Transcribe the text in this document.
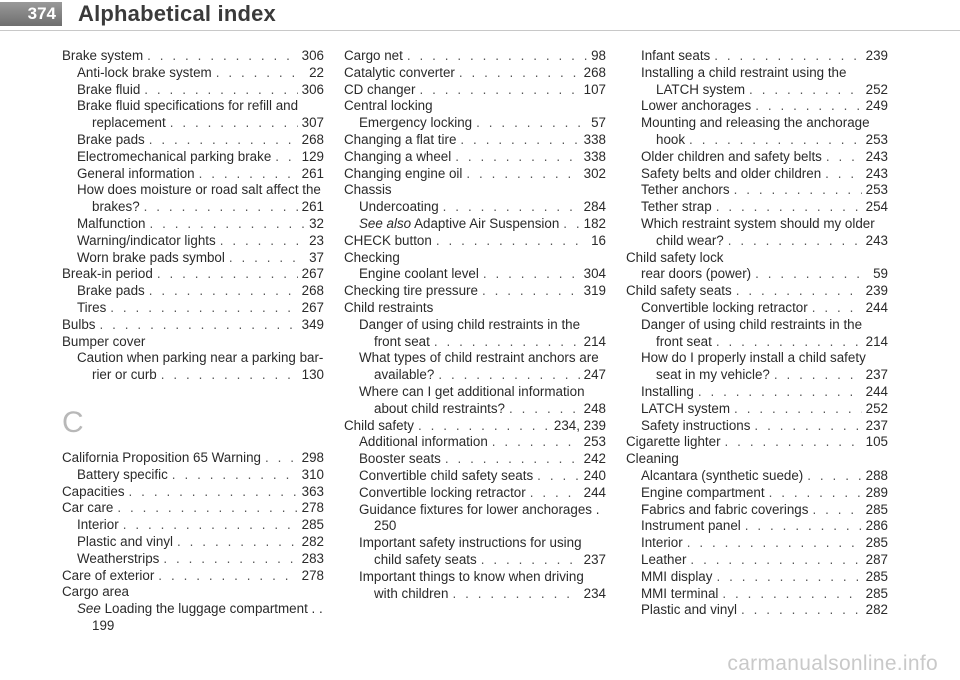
374 Alphabetical index
Brake system . . .	306
Anti-lock brake system . . .	22
Brake fluid . . .	306
Brake fluid specifications for refill and
replacement . . .	307
Brake pads . . .	268
Electromechanical parking brake . . . 129
General information . . .	261
How does moisture or road salt affect the
brakes? . . .	261
Malfunction . . .	32
Warning/indicator lights . . .	23
Worn brake pads symbol . . .	37
Break-in period . . .	267
Brake pads . . .	268
Tires . . .	267
Bulbs . . .	349
Bumper cover
Caution when parking near a parking bar-
rier or curb . . .	130
C
California Proposition 65 Warning . . .	298
Battery specific . . .	310
Capacities . . .	363
Car care . . .	278
Interior . . .	285
Plastic and vinyl . . .	282
Weatherstrips . . .	283
Care of exterior . . .	278
Cargo area
See Loading the luggage compartment . .
199
Cargo net . . .	98
Catalytic converter . . .	268
CD changer . . .	107
Central locking
Emergency locking . . .	57
Changing a flat tire . . .	338
Changing a wheel . . .	338
Changing engine oil . . .	302
Chassis
Undercoating . . .	284
See also Adaptive Air Suspension . . . 182
CHECK button . . .	16
Checking
Engine coolant level . . .	304
Checking tire pressure . . .	319
Child restraints
Danger of using child restraints in the
front seat . . .	214
What types of child restraint anchors are
available? . . .	247
Where can I get additional information
about child restraints? . . .	248
Child safety . . .	234, 239
Additional information . . .	253
Booster seats . . .	242
Convertible child safety seats . . .	240
Convertible locking retractor . . .	244
Guidance fixtures for lower anchorages .
250
Important safety instructions for using
child safety seats . . .	237
Important things to know when driving
with children . . .	234
Infant seats . . .	239
Installing a child restraint using the
LATCH system . . .	252
Lower anchorages . . .	249
Mounting and releasing the anchorage
hook . . .	253
Older children and safety belts . . .	243
Safety belts and older children . . .	243
Tether anchors . . .	253
Tether strap . . .	254
Which restraint system should my older
child wear? . . .	243
Child safety lock
rear doors (power) . . .	59
Child safety seats . . .	239
Convertible locking retractor . . .	244
Danger of using child restraints in the
front seat . . .	214
How do I properly install a child safety
seat in my vehicle? . . .	237
Installing . . .	244
LATCH system . . .	252
Safety instructions . . .	237
Cigarette lighter . . .	105
Cleaning
Alcantara (synthetic suede) . . .	288
Engine compartment . . .	289
Fabrics and fabric coverings . . .	285
Instrument panel . . .	286
Interior . . .	285
Leather . . .	287
MMI display . . .	285
MMI terminal . . .	285
Plastic and vinyl . . .	282
carmanualsonline.info
